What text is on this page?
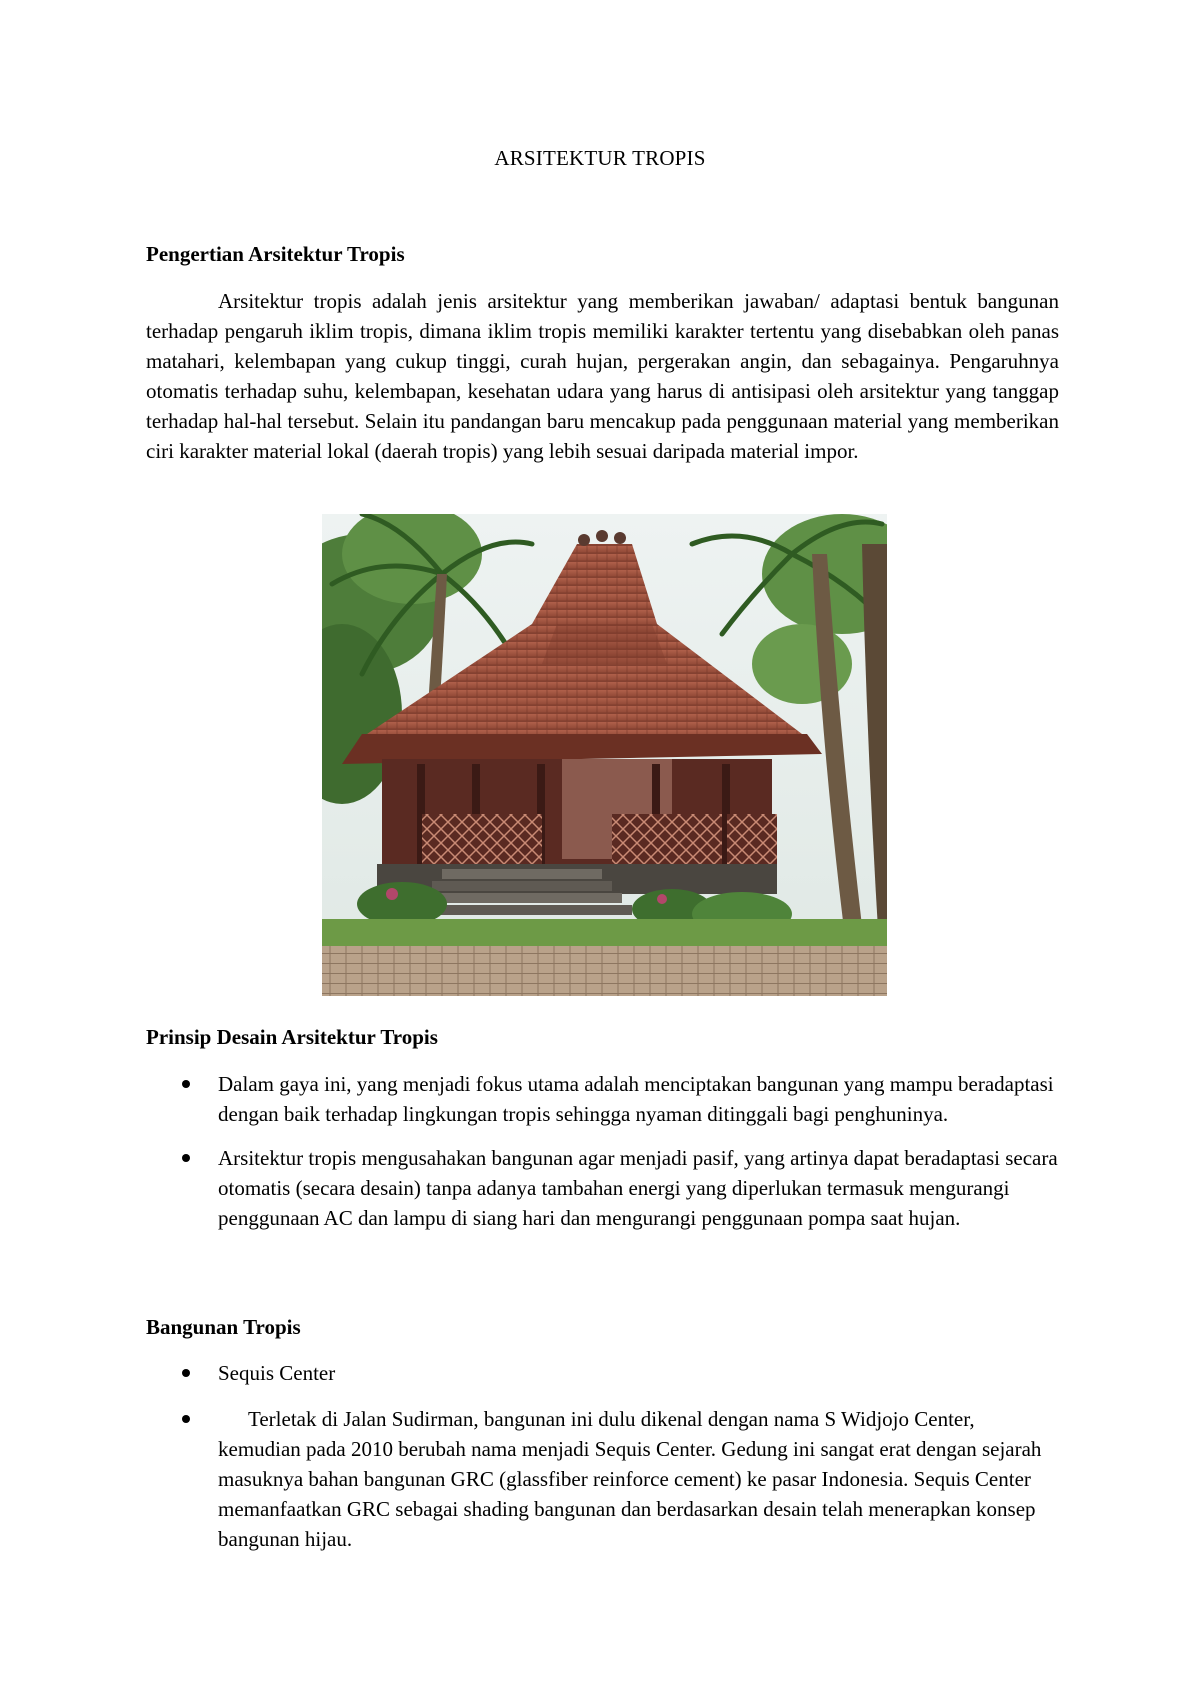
ARSITEKTUR TROPIS
Pengertian Arsitektur Tropis
Arsitektur tropis adalah jenis arsitektur yang memberikan jawaban/ adaptasi bentuk bangunan terhadap pengaruh iklim tropis, dimana iklim tropis memiliki karakter tertentu yang disebabkan oleh panas matahari, kelembapan yang cukup tinggi, curah hujan, pergerakan angin, dan sebagainya. Pengaruhnya otomatis terhadap suhu, kelembapan, kesehatan udara yang harus di antisipasi oleh arsitektur yang tanggap terhadap hal-hal tersebut. Selain itu pandangan baru mencakup pada penggunaan material yang memberikan ciri karakter material lokal (daerah tropis) yang lebih sesuai daripada material impor.
Prinsip Desain Arsitektur Tropis
Dalam gaya ini, yang menjadi fokus utama adalah menciptakan bangunan yang mampu beradaptasi dengan baik terhadap lingkungan tropis sehingga nyaman ditinggali bagi penghuninya.
Arsitektur tropis mengusahakan bangunan agar menjadi pasif, yang artinya dapat beradaptasi secara otomatis (secara desain) tanpa adanya tambahan energi yang diperlukan termasuk mengurangi penggunaan AC dan lampu di siang hari dan mengurangi penggunaan pompa saat hujan.
Bangunan Tropis
Sequis Center
Terletak di Jalan Sudirman, bangunan ini dulu dikenal dengan nama S Widjojo Center, kemudian pada 2010 berubah nama menjadi Sequis Center. Gedung ini sangat erat dengan sejarah masuknya bahan bangunan GRC (glassfiber reinforce cement) ke pasar Indonesia. Sequis Center memanfaatkan GRC sebagai shading bangunan dan berdasarkan desain telah menerapkan konsep bangunan hijau.
